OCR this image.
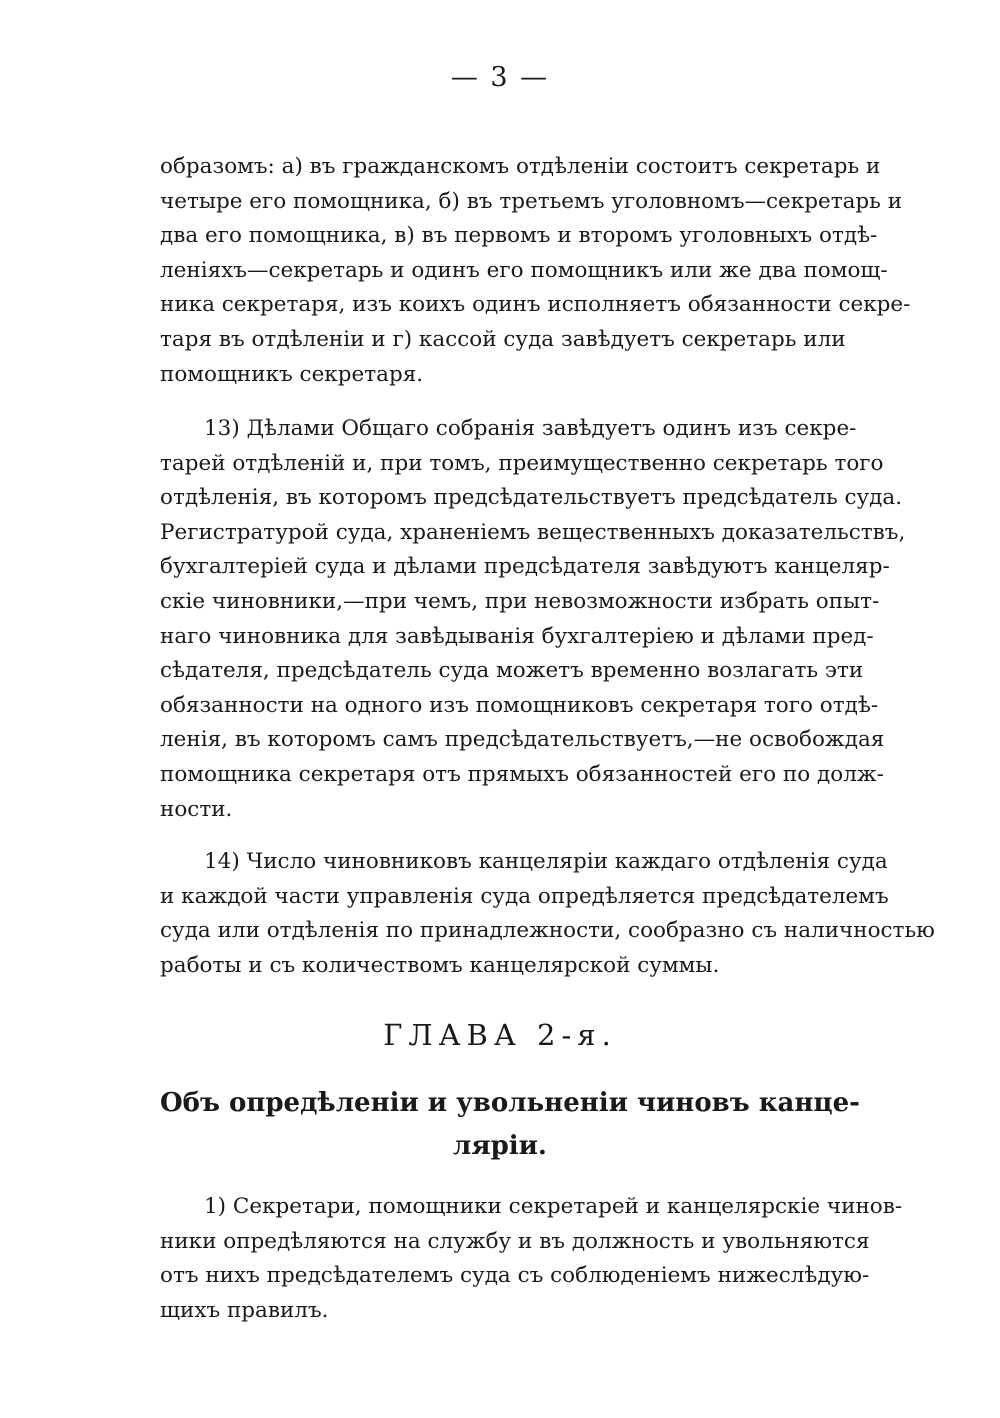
— 3 —
образомъ: а) въ гражданскомъ отдѣленіи состоитъ секретарь и
четыре его помощника, б) въ третьемъ уголовномъ—секретарь и
два его помощника, в) въ первомъ и второмъ уголовныхъ отдѣ-
леніяхъ—секретарь и одинъ его помощникъ или же два помощ-
ника секретаря, изъ коихъ одинъ исполняетъ обязанности секре-
таря въ отдѣленіи и г) кассой суда завѣдуетъ секретарь или
помощникъ секретаря.
13) Дѣлами Общаго собранія завѣдуетъ одинъ изъ секре-
тарей отдѣленій и, при томъ, преимущественно секретарь того
отдѣленія, въ которомъ предсѣдательствуетъ предсѣдатель суда.
Регистратурой суда, храненіемъ вещественныхъ доказательствъ,
бухгалтеріей суда и дѣлами предсѣдателя завѣдуютъ канцеляр-
скіе чиновники,—при чемъ, при невозможности избрать опыт-
наго чиновника для завѣдыванія бухгалтеріею и дѣлами пред-
сѣдателя, предсѣдатель суда можетъ временно возлагать эти
обязанности на одного изъ помощниковъ секретаря того отдѣ-
ленія, въ которомъ самъ предсѣдательствуетъ,—не освобождая
помощника секретаря отъ прямыхъ обязанностей его по долж-
ности.
14) Число чиновниковъ канцеляріи каждаго отдѣленія суда
и каждой части управленія суда опредѣляется предсѣдателемъ
суда или отдѣленія по принадлежности, сообразно съ наличностью
работы и съ количествомъ канцелярской суммы.
ГЛАВА 2-я.
Объ опредѣленіи и увольненіи чиновъ канце-
ляріи.
1) Секретари, помощники секретарей и канцелярскіе чинов-
ники опредѣляются на службу и въ должность и увольняются
отъ нихъ предсѣдателемъ суда съ соблюденіемъ нижеслѣдую-
щихъ правилъ.
